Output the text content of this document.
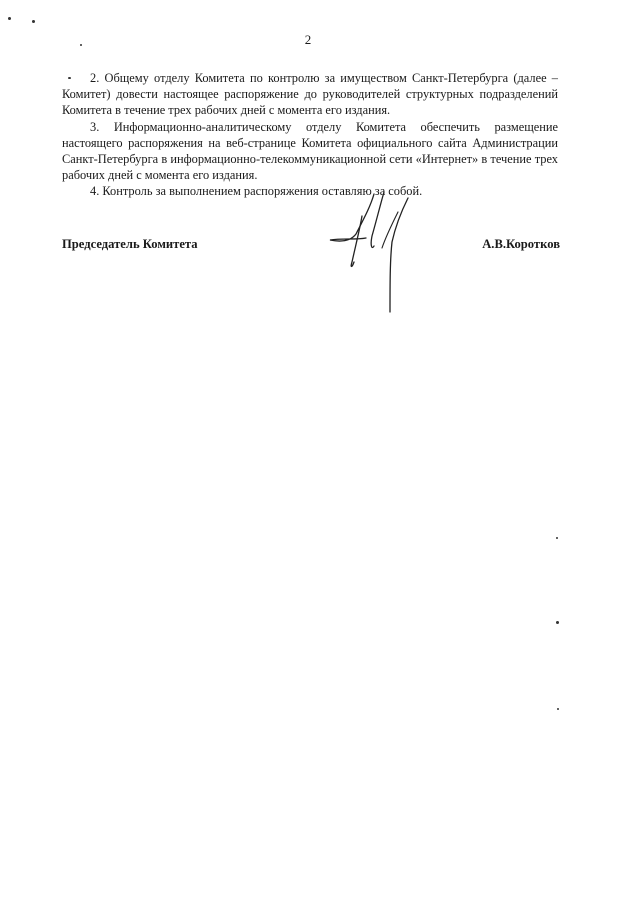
2

2. Общему отделу Комитета по контролю за имуществом Санкт-Петербурга (далее – Комитет) довести настоящее распоряжение до руководителей структурных подразделений Комитета в течение трех рабочих дней с момента его издания.

3. Информационно-аналитическому отделу Комитета обеспечить размещение настоящего распоряжения на веб-странице Комитета официального сайта Администрации Санкт-Петербурга в информационно-телекоммуникационной сети «Интернет» в течение трех рабочих дней с момента его издания.

4. Контроль за выполнением распоряжения оставляю за собой.

Председатель Комитета	А.В.Коротков
